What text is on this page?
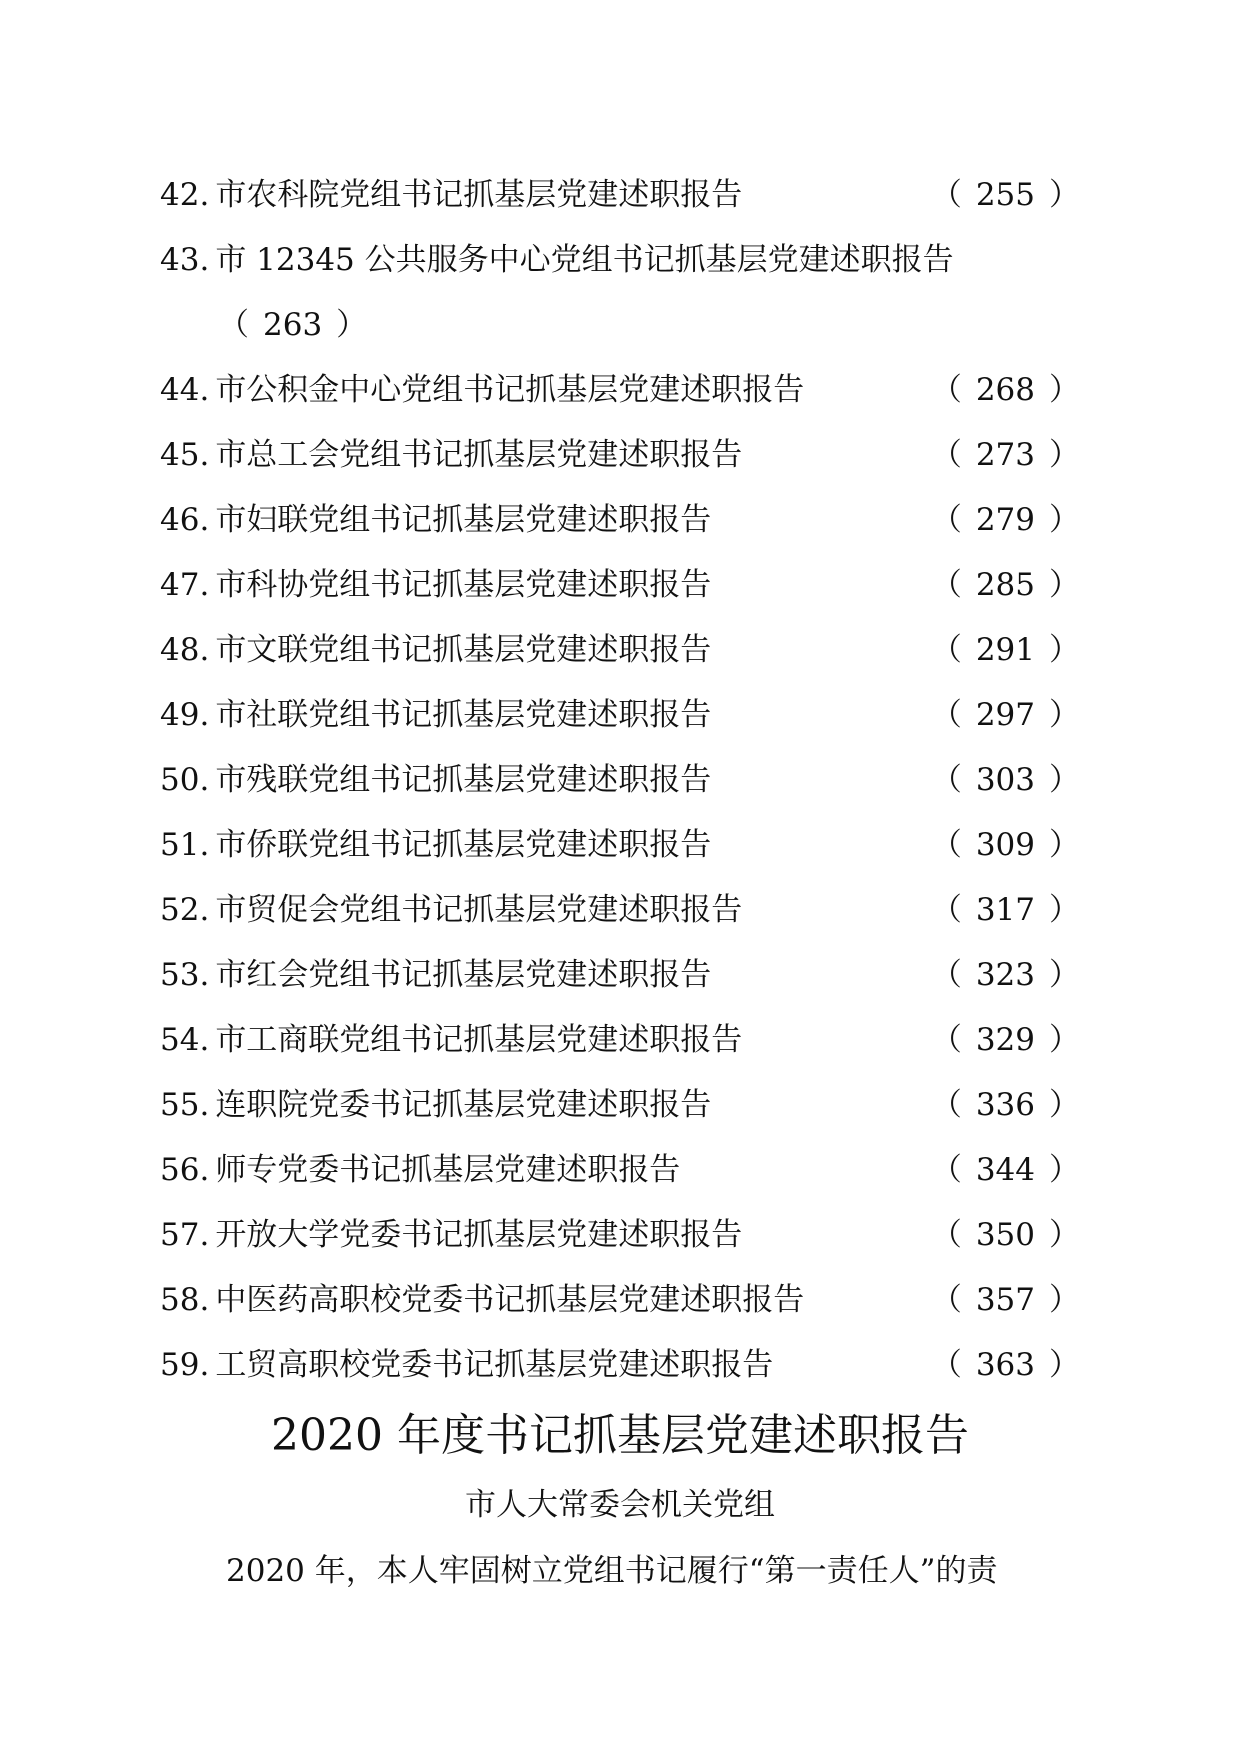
42. 市农科院党组书记抓基层党建述职报告	（ 255 ）
43. 市 12345 公共服务中心党组书记抓基层党建述职报告
（ 263 ）
44. 市公积金中心党组书记抓基层党建述职报告	（ 268 ）
45. 市总工会党组书记抓基层党建述职报告	（ 273 ）
46. 市妇联党组书记抓基层党建述职报告	（ 279 ）
47. 市科协党组书记抓基层党建述职报告	（ 285 ）
48. 市文联党组书记抓基层党建述职报告	（ 291 ）
49. 市社联党组书记抓基层党建述职报告	（ 297 ）
50. 市残联党组书记抓基层党建述职报告	（ 303 ）
51. 市侨联党组书记抓基层党建述职报告	（ 309 ）
52. 市贸促会党组书记抓基层党建述职报告	（ 317 ）
53. 市红会党组书记抓基层党建述职报告	（ 323 ）
54. 市工商联党组书记抓基层党建述职报告	（ 329 ）
55. 连职院党委书记抓基层党建述职报告	（ 336 ）
56. 师专党委书记抓基层党建述职报告	（ 344 ）
57. 开放大学党委书记抓基层党建述职报告	（ 350 ）
58. 中医药高职校党委书记抓基层党建述职报告	（ 357 ）
59. 工贸高职校党委书记抓基层党建述职报告	（ 363 ）
2020 年度书记抓基层党建述职报告
市人大常委会机关党组
2020 年，本人牢固树立党组书记履行“第一责任人”的责
